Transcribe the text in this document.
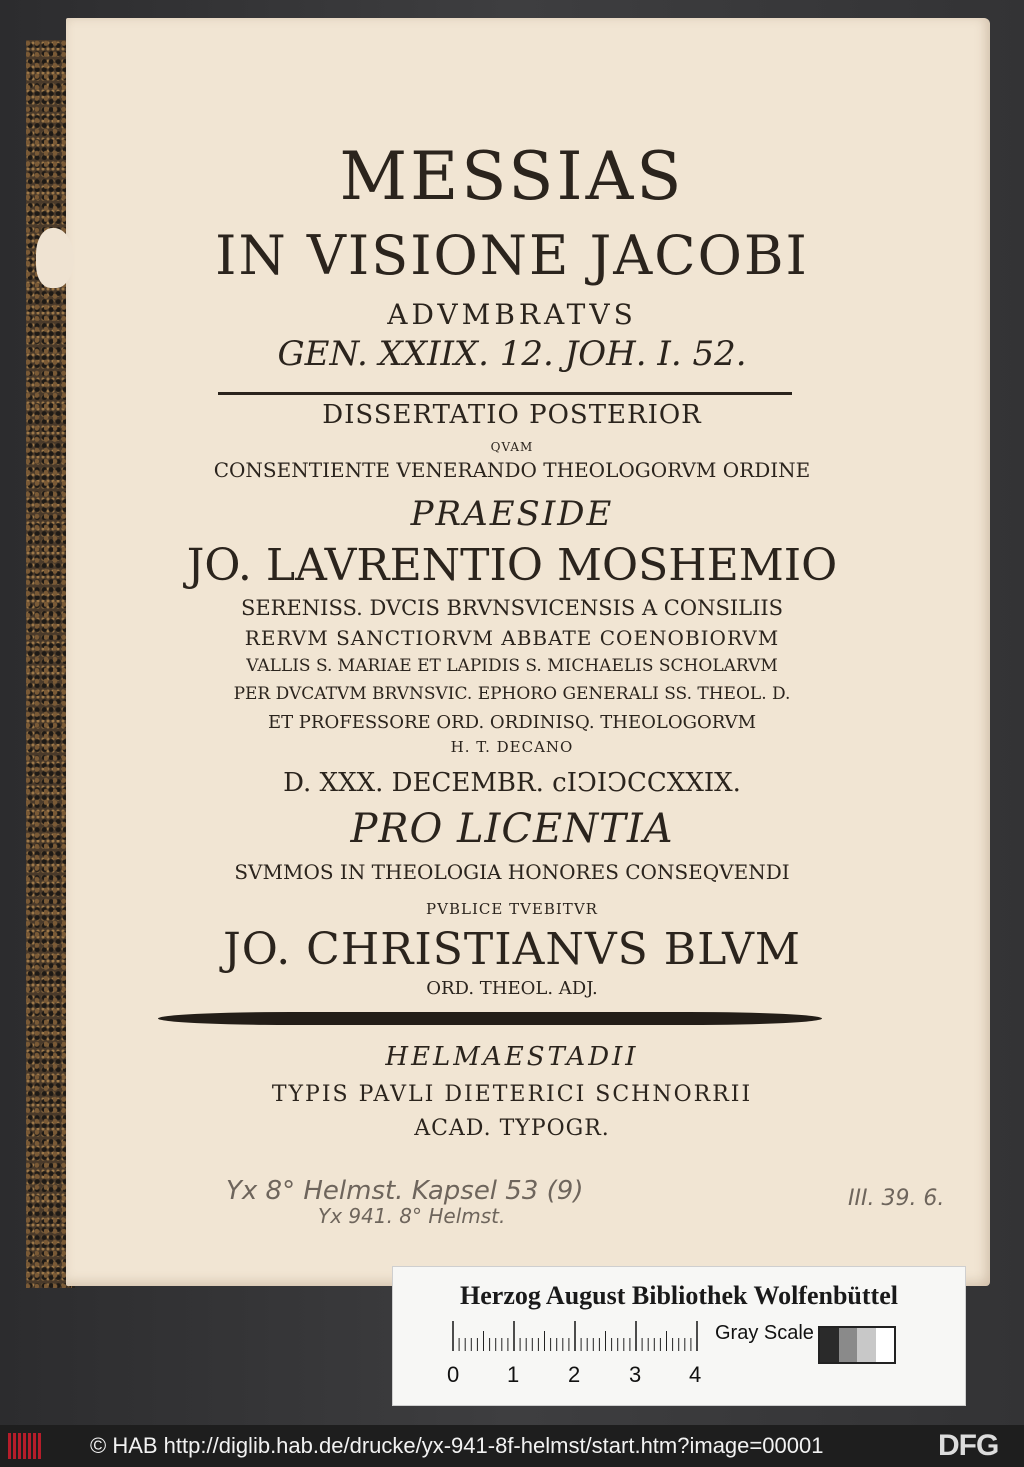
MESSIAS
IN VISIONE JACOBI
ADVMBRATVS
GEN. XXIIX. 12. JOH. I. 52.
DISSERTATIO POSTERIOR
QVAM
CONSENTIENTE VENERANDO THEOLOGORVM ORDINE
PRAESIDE
JO. LAVRENTIO MOSHEMIO
SERENISS. DVCIS BRVNSVICENSIS A CONSILIIS
RERVM SANCTIORVM ABBATE COENOBIORVM
VALLIS S. MARIAE ET LAPIDIS S. MICHAELIS SCHOLARVM
PER DVCATVM BRVNSVIC. EPHORO GENERALI SS. THEOL. D.
ET PROFESSORE ORD. ORDINISQ. THEOLOGORVM
H. T. DECANO
D. XXX. DECEMBR. cIↃIↃCCXXIX.
PRO LICENTIA
SVMMOS IN THEOLOGIA HONORES CONSEQVENDI
PVBLICE TVEBITVR
JO. CHRISTIANVS BLVM
ORD. THEOL. ADJ.
HELMAESTADII
TYPIS PAVLI DIETERICI SCHNORRII
ACAD. TYPOGR.
Yx 8° Helmst. Kapsel 53 (9)
Yx 941. 8° Helmst.
III. 39. 6.
Herzog August Bibliothek Wolfenbüttel
0 1 2 3 4
Gray Scale
© HAB http://diglib.hab.de/drucke/yx-941-8f-helmst/start.htm?image=00001	DFG
